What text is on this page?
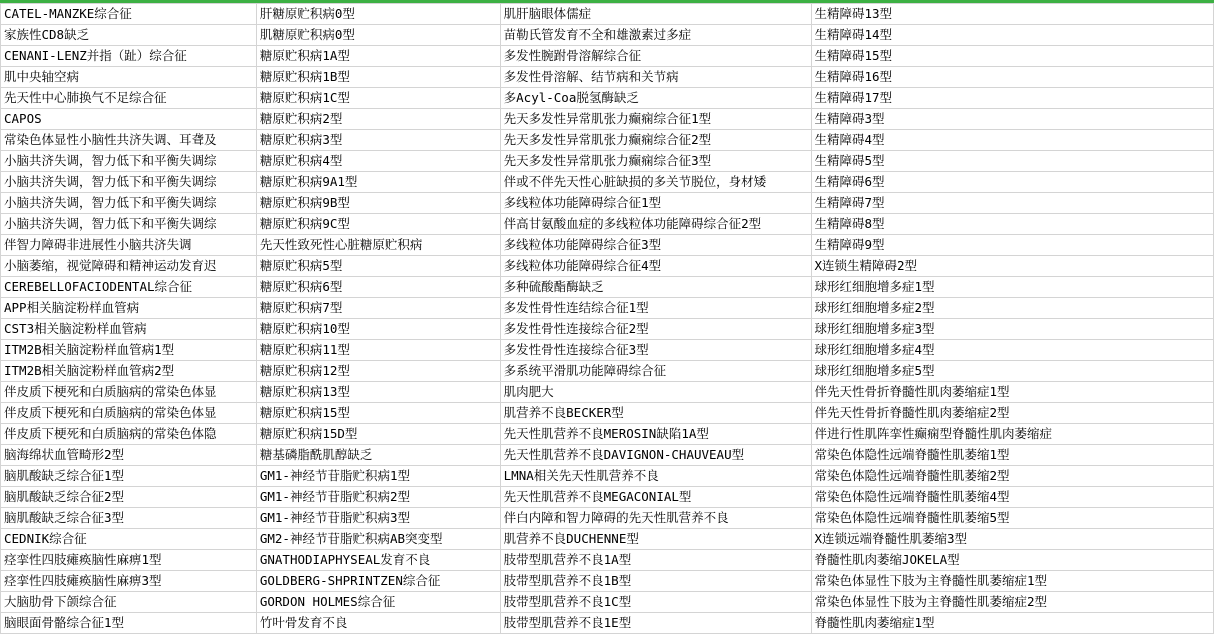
CATEL-MANZKE综合征	肝糖原贮积病0型	肌肝脑眼体儒症	生精障碍13型
家族性CD8缺乏	肌糖原贮积病0型	苗勒氏管发育不全和雄激素过多症	生精障碍14型
CENANI-LENZ并指（趾）综合征	糖原贮积病1A型	多发性腕跗骨溶解综合征	生精障碍15型
肌中央轴空病	糖原贮积病1B型	多发性骨溶解、结节病和关节病	生精障碍16型
先天性中心肺换气不足综合征	糖原贮积病1C型	多Acyl-Coa脱氢酶缺乏	生精障碍17型
CAPOS	糖原贮积病2型	先天多发性异常肌张力癫痫综合征1型	生精障碍3型
常染色体显性小脑性共济失调、耳聋及	糖原贮积病3型	先天多发性异常肌张力癫痫综合征2型	生精障碍4型
小脑共济失调，智力低下和平衡失调综	糖原贮积病4型	先天多发性异常肌张力癫痫综合征3型	生精障碍5型
小脑共济失调，智力低下和平衡失调综	糖原贮积病9A1型	伴或不伴先天性心脏缺损的多关节脱位，身材矮	生精障碍6型
小脑共济失调，智力低下和平衡失调综	糖原贮积病9B型	多线粒体功能障碍综合征1型	生精障碍7型
小脑共济失调，智力低下和平衡失调综	糖原贮积病9C型	伴高甘氨酸血症的多线粒体功能障碍综合征2型	生精障碍8型
伴智力障碍非进展性小脑共济失调	先天性致死性心脏糖原贮积病	多线粒体功能障碍综合征3型	生精障碍9型
小脑萎缩，视觉障碍和精神运动发育迟	糖原贮积病5型	多线粒体功能障碍综合征4型	X连锁生精障碍2型
CEREBELLOFACIODENTAL综合征	糖原贮积病6型	多种硫酸酯酶缺乏	球形红细胞增多症1型
APP相关脑淀粉样血管病	糖原贮积病7型	多发性骨性连结综合征1型	球形红细胞增多症2型
CST3相关脑淀粉样血管病	糖原贮积病10型	多发性骨性连接综合征2型	球形红细胞增多症3型
ITM2B相关脑淀粉样血管病1型	糖原贮积病11型	多发性骨性连接综合征3型	球形红细胞增多症4型
ITM2B相关脑淀粉样血管病2型	糖原贮积病12型	多系统平滑肌功能障碍综合征	球形红细胞增多症5型
伴皮质下梗死和白质脑病的常染色体显	糖原贮积病13型	肌肉肥大	伴先天性骨折脊髓性肌肉萎缩症1型
伴皮质下梗死和白质脑病的常染色体显	糖原贮积病15型	肌营养不良BECKER型	伴先天性骨折脊髓性肌肉萎缩症2型
伴皮质下梗死和白质脑病的常染色体隐	糖原贮积病15D型	先天性肌营养不良MEROSIN缺陷1A型	伴进行性肌阵挛性癫痫型脊髓性肌肉萎缩症
脑海绵状血管畸形2型	糖基磷脂酰肌醇缺乏	先天性肌营养不良DAVIGNON-CHAUVEAU型	常染色体隐性远端脊髓性肌萎缩1型
脑肌酸缺乏综合征1型	GM1-神经节苷脂贮积病1型	LMNA相关先天性肌营养不良	常染色体隐性远端脊髓性肌萎缩2型
脑肌酸缺乏综合征2型	GM1-神经节苷脂贮积病2型	先天性肌营养不良MEGACONIAL型	常染色体隐性远端脊髓性肌萎缩4型
脑肌酸缺乏综合征3型	GM1-神经节苷脂贮积病3型	伴白内障和智力障碍的先天性肌营养不良	常染色体隐性远端脊髓性肌萎缩5型
CEDNIK综合征	GM2-神经节苷脂贮积病AB突变型	肌营养不良DUCHENNE型	X连锁远端脊髓性肌萎缩3型
痉挛性四肢瘫痪脑性麻痹1型	GNATHODIAPHYSEAL发育不良	肢带型肌营养不良1A型	脊髓性肌肉萎缩JOKELA型
痉挛性四肢瘫痪脑性麻痹3型	GOLDBERG-SHPRINTZEN综合征	肢带型肌营养不良1B型	常染色体显性下肢为主脊髓性肌萎缩症1型
大脑肋骨下颌综合征	GORDON HOLMES综合征	肢带型肌营养不良1C型	常染色体显性下肢为主脊髓性肌萎缩症2型
脑眼面骨骼综合征1型	竹叶骨发育不良	肢带型肌营养不良1E型	脊髓性肌肉萎缩症1型
